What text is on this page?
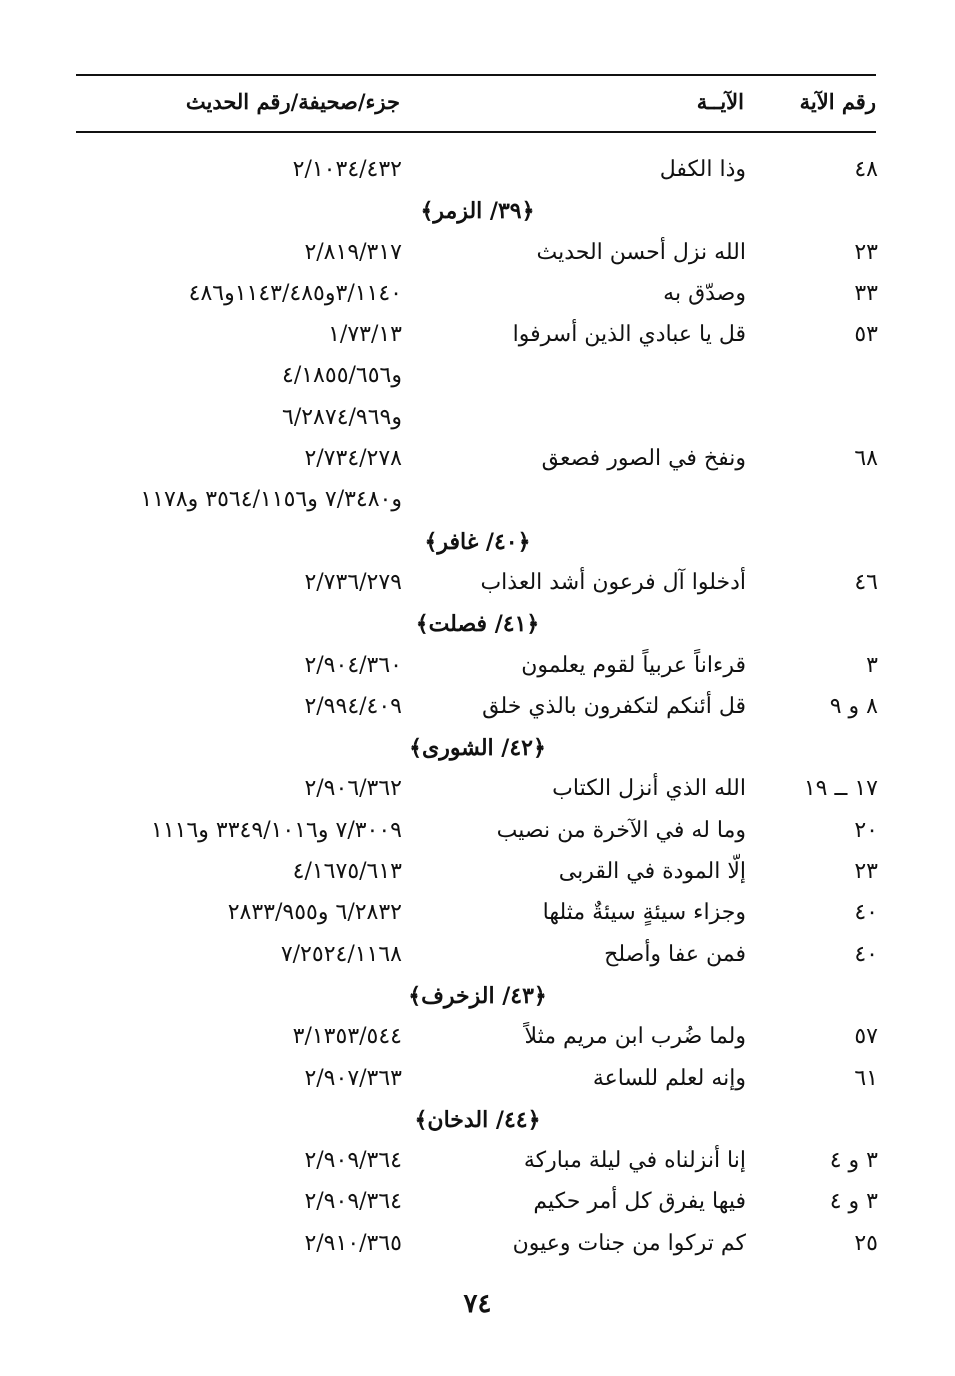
رقم الآية
الآيــة
جزء/صحيفة/رقم الحديث
٤٨
وذا الكفل
٢/١٠٣٤/٤٣٢
﴿٣٩/ الزمر﴾
٢٣
الله نزل أحسن الحديث
٢/٨١٩/٣١٧
٣٣
وصدّق به
٣/١١٤٠و١١٤٣/٤٨٥و٤٨٦
٥٣
قل يا عبادي الذين أسرفوا
١/٧٣/١٣
و٤/١٨٥٥/٦٥٦
و٦/٢٨٧٤/٩٦٩
٦٨
ونفخ في الصور فصعق
٢/٧٣٤/٢٧٨
و٧/٣٤٨٠ و٣٥٦٤/١١٥٦ و١١٧٨
﴿٤٠/ غافر﴾
٤٦
أدخلوا آل فرعون أشد العذاب
٢/٧٣٦/٢٧٩
﴿٤١/ فصلت﴾
٣
قرءاناً عربياً لقوم يعلمون
٢/٩٠٤/٣٦٠
٨ و ٩
قل أئنكم لتكفرون بالذي خلق
٢/٩٩٤/٤٠٩
﴿٤٢/ الشورى﴾
١٧ ــ ١٩
الله الذي أنزل الكتاب
٢/٩٠٦/٣٦٢
٢٠
وما له في الآخرة من نصيب
٧/٣٠٠٩ و٣٣٤٩/١٠١٦ و١١١٦
٢٣
إلّا المودة في القربى
٤/١٦٧٥/٦١٣
٤٠
وجزاء سيئةٍ سيئةٌ مثلها
٦/٢٨٣٢ و٢٨٣٣/٩٥٥
٤٠
فمن عفا وأصلح
٧/٢٥٢٤/١١٦٨
﴿٤٣/ الزخرف﴾
٥٧
ولما ضُرب ابن مريم مثلاً
٣/١٣٥٣/٥٤٤
٦١
وإنه لعلم للساعة
٢/٩٠٧/٣٦٣
﴿٤٤/ الدخان﴾
٣ و ٤
إنا أنزلناه في ليلة مباركة
٢/٩٠٩/٣٦٤
٣ و ٤
فيها يفرق كل أمر حكيم
٢/٩٠٩/٣٦٤
٢٥
كم تركوا من جنات وعيون
٢/٩١٠/٣٦٥
٧٤
